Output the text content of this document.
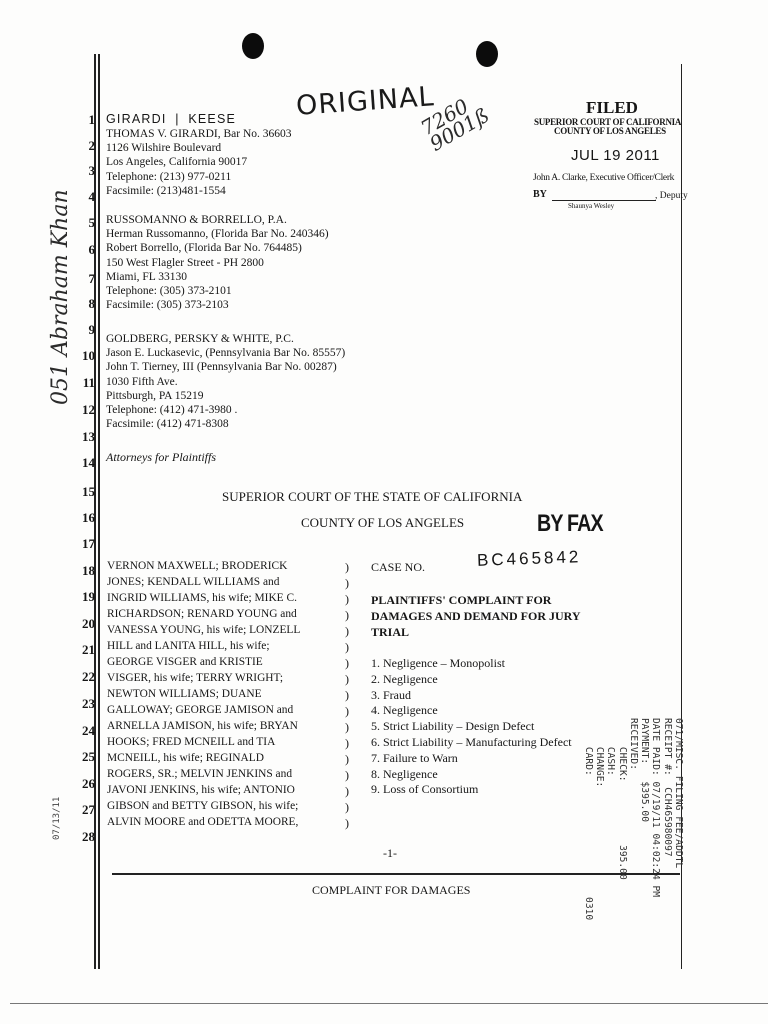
051 Abraham Khan
07/13/11
ORIGINAL
7260 9001ß
1
2
3
4
5
6
7
8
9
10
11
12
13
14
15
16
17
18
19
20
21
22
23
24
25
26
27
28
GIRARDI | KEESE
THOMAS V. GIRARDI, Bar No. 36603
1126 Wilshire Boulevard
Los Angeles, California 90017
Telephone: (213) 977-0211
Facsimile: (213)481-1554
RUSSOMANNO & BORRELLO, P.A.
Herman Russomanno, (Florida Bar No. 240346)
Robert Borrello, (Florida Bar No. 764485)
150 West Flagler Street - PH 2800
Miami, FL 33130
Telephone: (305) 373-2101
Facsimile: (305) 373-2103
GOLDBERG, PERSKY & WHITE, P.C.
Jason E. Luckasevic, (Pennsylvania Bar No. 85557)
John T. Tierney, III (Pennsylvania Bar No. 00287)
1030 Fifth Ave.
Pittsburgh, PA 15219
Telephone: (412) 471-3980 .
Facsimile: (412) 471-8308
Attorneys for Plaintiffs
FILED
SUPERIOR COURT OF CALIFORNIA
COUNTY OF LOS ANGELES
JUL 19 2011
John A. Clarke, Executive Officer/Clerk
BY	, Deputy
Shaunya Wesley
SUPERIOR COURT OF THE STATE OF CALIFORNIA
COUNTY OF LOS ANGELES	BY FAX
VERNON MAXWELL; BRODERICK
JONES; KENDALL WILLIAMS and
INGRID WILLIAMS, his wife; MIKE C.
RICHARDSON; RENARD YOUNG and
VANESSA YOUNG, his wife; LONZELL
HILL and LANITA HILL, his wife;
GEORGE VISGER and KRISTIE
VISGER, his wife; TERRY WRIGHT;
NEWTON WILLIAMS; DUANE
GALLOWAY; GEORGE JAMISON and
ARNELLA JAMISON, his wife; BRYAN
HOOKS; FRED MCNEILL and TIA
MCNEILL, his wife; REGINALD
ROGERS, SR.; MELVIN JENKINS and
JAVONI JENKINS, his wife; ANTONIO
GIBSON and BETTY GIBSON, his wife;
ALVIN MOORE and ODETTA MOORE,
)
)
)
)
)
)
)
)
)
)
)
)
)
)
)
)
)
CASE NO.	BC465842
PLAINTIFFS' COMPLAINT FOR
DAMAGES AND DEMAND FOR JURY
TRIAL
1. Negligence – Monopolist
2. Negligence
3. Fraud
4. Negligence
5. Strict Liability – Design Defect
6. Strict Liability – Manufacturing Defect
7. Failure to Warn
8. Negligence
9. Loss of Consortium	071/MISC. FILING FEE/ADDTL
RECEIPT #:  CCH465980097
DATE PAID: 07/19/11 04:02:24 PM
PAYMENT:   $395.00
RECEIVED:
CHECK:           395.00
CASH:
CHANGE:
CARD:                     0310
-1-
COMPLAINT FOR DAMAGES
